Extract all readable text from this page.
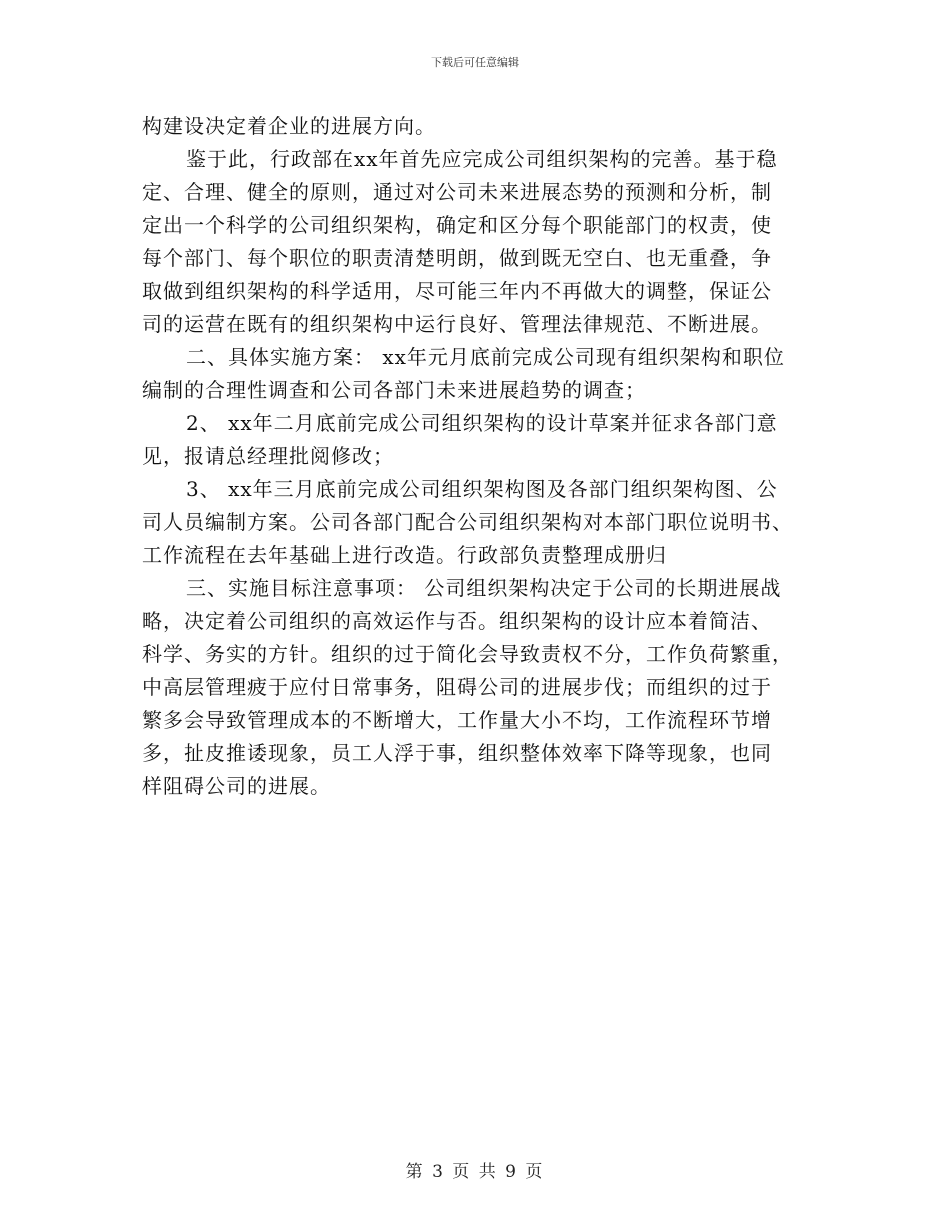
下载后可任意编辑
构建设决定着企业的进展方向。
鉴于此，行政部在xx年首先应完成公司组织架构的完善。基于稳
定、合理、健全的原则，通过对公司未来进展态势的预测和分析，制
定出一个科学的公司组织架构，确定和区分每个职能部门的权责，使
每个部门、每个职位的职责清楚明朗，做到既无空白、也无重叠，争
取做到组织架构的科学适用，尽可能三年内不再做大的调整，保证公
司的运营在既有的组织架构中运行良好、管理法律规范、不断进展。
二、具体实施方案： xx年元月底前完成公司现有组织架构和职位
编制的合理性调查和公司各部门未来进展趋势的调查；
2、 xx年二月底前完成公司组织架构的设计草案并征求各部门意
见，报请总经理批阅修改；
3、 xx年三月底前完成公司组织架构图及各部门组织架构图、公
司人员编制方案。公司各部门配合公司组织架构对本部门职位说明书、
工作流程在去年基础上进行改造。行政部负责整理成册归
三、实施目标注意事项： 公司组织架构决定于公司的长期进展战
略，决定着公司组织的高效运作与否。组织架构的设计应本着简洁、
科学、务实的方针。组织的过于简化会导致责权不分，工作负荷繁重，
中高层管理疲于应付日常事务，阻碍公司的进展步伐；而组织的过于
繁多会导致管理成本的不断增大，工作量大小不均，工作流程环节增
多，扯皮推诿现象，员工人浮于事，组织整体效率下降等现象，也同
样阻碍公司的进展。
第 3 页 共 9 页
